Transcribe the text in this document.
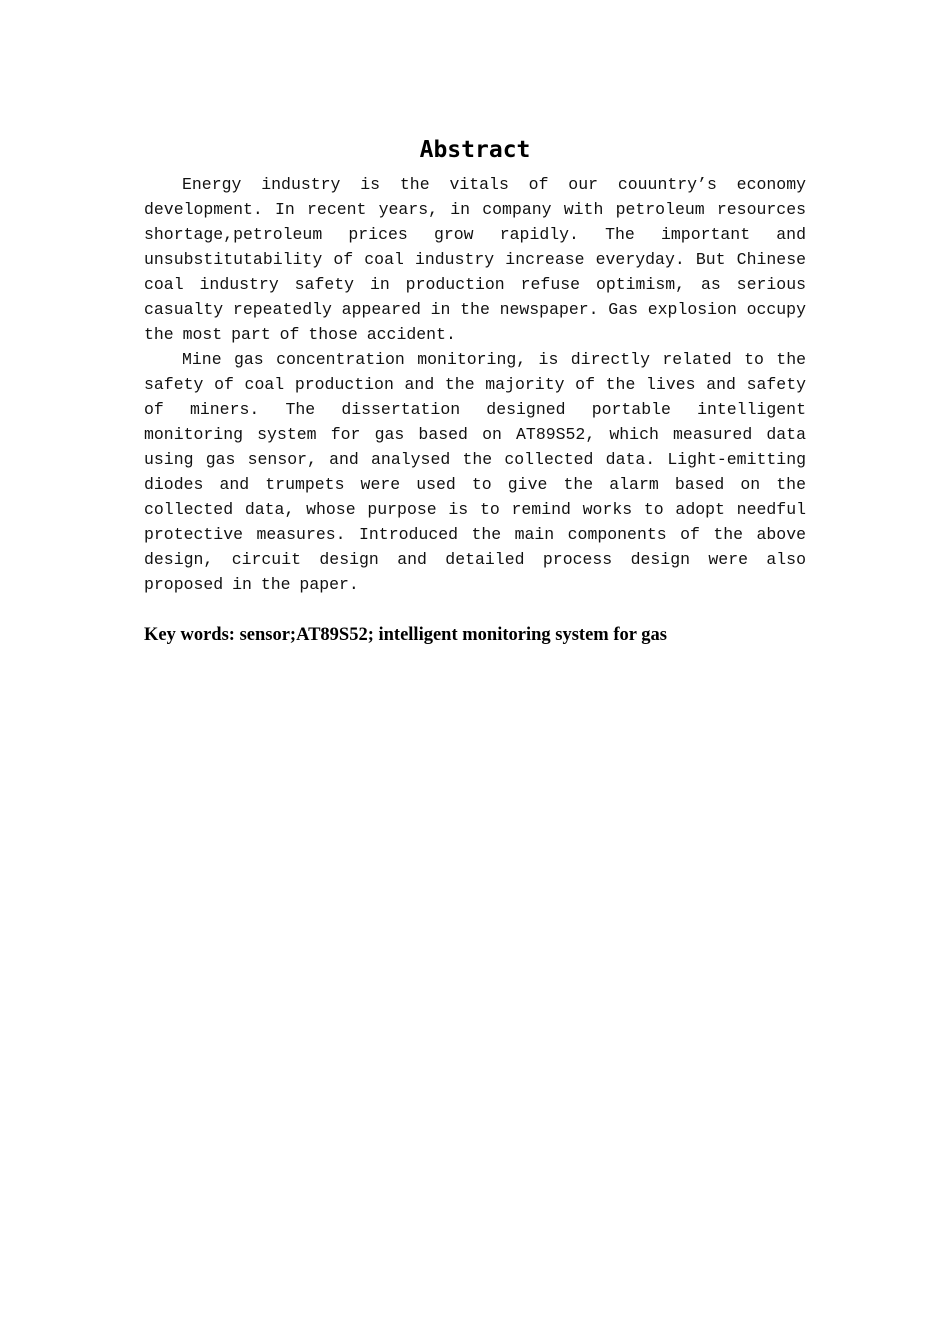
Abstract

Energy industry is the vitals of our couuntry’s economy development. In recent years, in company with petroleum resources shortage,petroleum prices grow rapidly. The important and unsubstitutability of coal industry increase everyday. But Chinese coal industry safety in production refuse optimism, as serious casualty repeatedly appeared in the newspaper. Gas explosion occupy the most part of those accident.

Mine gas concentration monitoring, is directly related to the safety of coal production and the majority of the lives and safety of miners. The dissertation designed portable intelligent monitoring system for gas based on AT89S52, which measured data using gas sensor, and analysed the collected data. Light-emitting diodes and trumpets were used to give the alarm based on the collected data, whose purpose is to remind works to adopt needful protective measures. Introduced the main components of the above design, circuit design and detailed process design were also proposed in the paper.

Key words: sensor;AT89S52; intelligent monitoring system for gas
